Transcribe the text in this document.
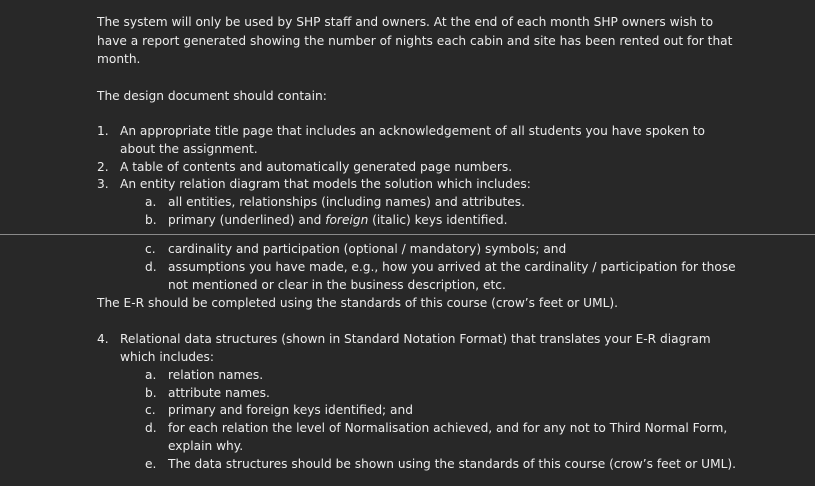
The system will only be used by SHP staff and owners. At the end of each month SHP owners wish to
have a report generated showing the number of nights each cabin and site has been rented out for that
month.
The design document should contain:
1. An appropriate title page that includes an acknowledgement of all students you have spoken to
about the assignment.
2. A table of contents and automatically generated page numbers.
3. An entity relation diagram that models the solution which includes:
a. all entities, relationships (including names) and attributes.
b. primary (underlined) and foreign (italic) keys identified.
c. cardinality and participation (optional / mandatory) symbols; and
d. assumptions you have made, e.g., how you arrived at the cardinality / participation for those
not mentioned or clear in the business description, etc.
The E-R should be completed using the standards of this course (crow’s feet or UML).
4. Relational data structures (shown in Standard Notation Format) that translates your E-R diagram
which includes:
a. relation names.
b. attribute names.
c. primary and foreign keys identified; and
d. for each relation the level of Normalisation achieved, and for any not to Third Normal Form,
explain why.
e. The data structures should be shown using the standards of this course (crow’s feet or UML).
